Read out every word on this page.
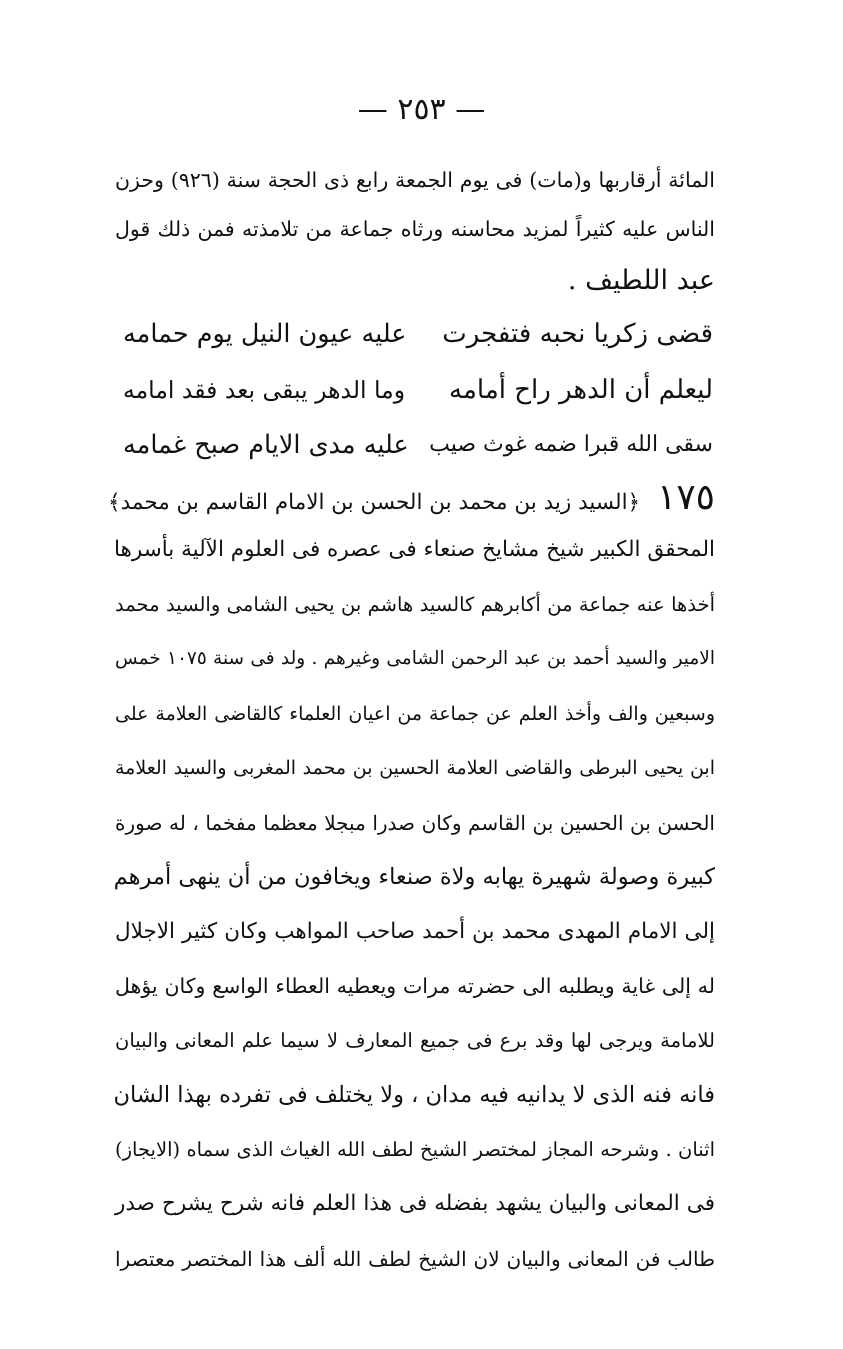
— ٢٥٣ —
المائة أرقاربها و(مات) فى يوم الجمعة رابع ذى الحجة سنة (٩٢٦) وحزن
الناس عليه كثيراً لمزيد محاسنه ورثاه جماعة من تلامذته فمن ذلك قول
عبد اللطيف .
قضى زكريا نحبه فتفجرت
عليه عيون النيل يوم حمامه
ليعلم أن الدهر راح أمامه
وما الدهر يبقى بعد فقد امامه
سقى الله قبرا ضمه غوث صيب
عليه مدى الايام صبح غمامه
١٧٥ ﴿السيد زيد بن محمد بن الحسن بن الامام القاسم بن محمد﴾
المحقق الكبير شيخ مشايخ صنعاء فى عصره فى العلوم الآلية بأسرها
أخذها عنه جماعة من أكابرهم كالسيد هاشم بن يحيى الشامى والسيد محمد
الامير والسيد أحمد بن عبد الرحمن الشامى وغيرهم . ولد فى سنة ١٠٧٥ خمس
وسبعين والف وأخذ العلم عن جماعة من اعيان العلماء كالقاضى العلامة على
ابن يحيى البرطى والقاضى العلامة الحسين بن محمد المغربى والسيد العلامة
الحسن بن الحسين بن القاسم وكان صدرا مبجلا معظما مفخما ، له صورة
كبيرة وصولة شهيرة يهابه ولاة صنعاء ويخافون من أن ينهى أمرهم
إلى الامام المهدى محمد بن أحمد صاحب المواهب وكان كثير الاجلال
له إلى غاية ويطلبه الى حضرته مرات ويعطيه العطاء الواسع وكان يؤهل
للامامة ويرجى لها وقد برع فى جميع المعارف لا سيما علم المعانى والبيان
فانه فنه الذى لا يدانيه فيه مدان ، ولا يختلف فى تفرده بهذا الشان
اثنان . وشرحه المجاز لمختصر الشيخ لطف الله الغياث الذى سماه (الايجاز)
فى المعانى والبيان يشهد بفضله فى هذا العلم فانه شرح يشرح صدر
طالب فن المعانى والبيان لان الشيخ لطف الله ألف هذا المختصر معتصرا
